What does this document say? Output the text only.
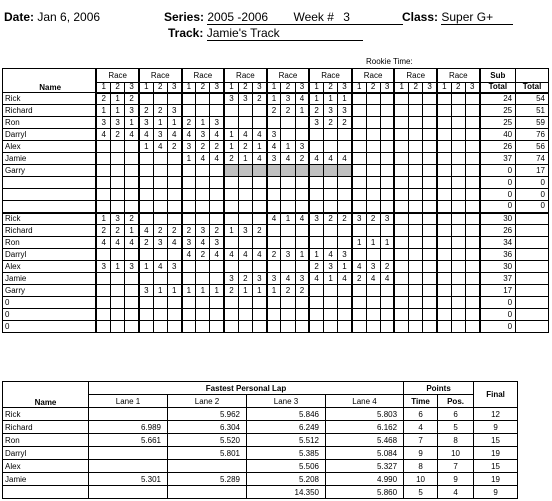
Date: Jan 6, 2006	Series: 2005 -2006 Week # 3	Class: Super G+
Track: Jamie's Track
Rookie Time:
Name	Race			Race			Race			Race			Race			Race			Race			Race			Race			Sub	
	1	2	3	1	2	3	1	2	3	1	2	3	1	2	3	1	2	3	1	2	3	1	2	3	1	2	3	Total	Total
Rick	2	1	2							3	3	2	1	3	4	1	1	1										24	54
Richard	1	1	3	2	2	3							2	2	1	2	3	3										25	51
Ron	3	3	1	3	1	1	2	1	3							3	2	2										25	59
Darryl	4	2	4	4	3	4	4	3	4	1	4	4	3															40	76
Alex				1	4	2	3	2	2	1	2	1	4	1	3													26	56
Jamie							1	4	4	2	1	4	3	4	2	4	4	4										37	74
Garry																												0	17
																												0	0
																												0	0
																												0	0
Rick	1	3	2										4	1	4	3	2	2	3	2	3							30	
Richard	2	2	1	4	2	2	2	3	2	1	3	2																26	
Ron	4	4	4	2	3	4	3	4	3										1	1	1							34	
Darryl							4	2	4	4	4	4	2	3	1	1	4	3										36	
Alex	3	1	3	1	4	3										2	3	1	4	3	2							30	
Jamie										3	2	3	3	4	3	4	1	4	2	4	4							37	
Garry				3	1	1	1	1	1	2	1	1	1	2	2													17	
0																												0	
0																												0	
0																												0	
Name	Fastest Personal Lap				Points		Final
	Lane 1	Lane 2	Lane 3	Lane 4	Time	Pos.	
Rick		5.962	5.846	5.803	6	6	12
Richard	6.989	6.304	6.249	6.162	4	5	9
Ron	5.661	5.520	5.512	5.468	7	8	15
Darryl		5.801	5.385	5.084	9	10	19
Alex			5.506	5.327	8	7	15
Jamie	5.301	5.289	5.208	4.990	10	9	19
			14.350	5.860	5	4	9
